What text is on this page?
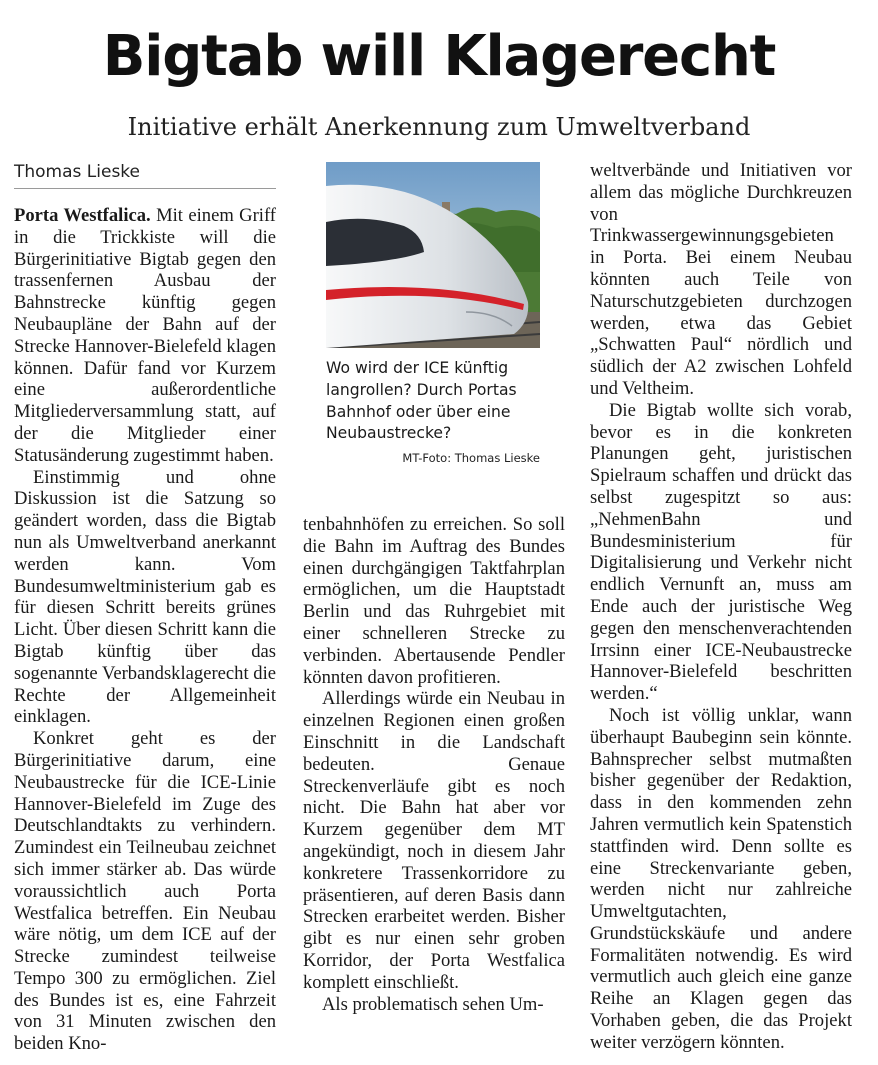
Bigtab will Klagerecht
Initiative erhält Anerkennung zum Umweltverband
Thomas Lieske

Porta Westfalica. Mit einem Griff in die Trickkiste will die Bürgerinitiative Bigtab gegen den trassenfernen Ausbau der Bahnstrecke künftig gegen Neubaupläne der Bahn auf der Strecke Hannover-Bielefeld klagen können. Dafür fand vor Kurzem eine außerordentliche Mitgliederversammlung statt, auf der die Mitglieder einer Statusänderung zugestimmt haben.

Einstimmig und ohne Diskussion ist die Satzung so geändert worden, dass die Bigtab nun als Umweltverband anerkannt werden kann. Vom Bundesumweltministerium gab es für diesen Schritt bereits grünes Licht. Über diesen Schritt kann die Bigtab künftig über das sogenannte Verbandsklagerecht die Rechte der Allgemeinheit einklagen.

Konkret geht es der Bürgerinitiative darum, eine Neubaustrecke für die ICE-Linie Hannover-Bielefeld im Zuge des Deutschlandtakts zu verhindern. Zumindest ein Teilneubau zeichnet sich immer stärker ab. Das würde voraussichtlich auch Porta Westfalica betreffen. Ein Neubau wäre nötig, um dem ICE auf der Strecke zumindest teilweise Tempo 300 zu ermöglichen. Ziel des Bundes ist es, eine Fahrzeit von 31 Minuten zwischen den beiden Kno-

Wo wird der ICE künftig langrollen? Durch Portas Bahnhof oder über eine Neubaustrecke?
MT-Foto: Thomas Lieske

tenbahnhöfen zu erreichen. So soll die Bahn im Auftrag des Bundes einen durchgängigen Taktfahrplan ermöglichen, um die Hauptstadt Berlin und das Ruhrgebiet mit einer schnelleren Strecke zu verbinden. Abertausende Pendler könnten davon profitieren.

Allerdings würde ein Neubau in einzelnen Regionen einen großen Einschnitt in die Landschaft bedeuten. Genaue Streckenverläufe gibt es noch nicht. Die Bahn hat aber vor Kurzem gegenüber dem MT angekündigt, noch in diesem Jahr konkretere Trassenkorridore zu präsentieren, auf deren Basis dann Strecken erarbeitet werden. Bisher gibt es nur einen sehr groben Korridor, der Porta Westfalica komplett einschließt.

Als problematisch sehen Um-

weltverbände und Initiativen vor allem das mögliche Durchkreuzen von Trinkwassergewinnungsgebieten in Porta. Bei einem Neubau könnten auch Teile von Naturschutzgebieten durchzogen werden, etwa das Gebiet „Schwatten Paul“ nördlich und südlich der A2 zwischen Lohfeld und Veltheim.

Die Bigtab wollte sich vorab, bevor es in die konkreten Planungen geht, juristischen Spielraum schaffen und drückt das selbst zugespitzt so aus: „NehmenBahn und Bundesministerium für Digitalisierung und Verkehr nicht endlich Vernunft an, muss am Ende auch der juristische Weg gegen den menschenverachtenden Irrsinn einer ICE-Neubaustrecke Hannover-Bielefeld beschritten werden.“

Noch ist völlig unklar, wann überhaupt Baubeginn sein könnte. Bahnsprecher selbst mutmaßten bisher gegenüber der Redaktion, dass in den kommenden zehn Jahren vermutlich kein Spatenstich stattfinden wird. Denn sollte es eine Streckenvariante geben, werden nicht nur zahlreiche Umweltgutachten, Grundstückskäufe und andere Formalitäten notwendig. Es wird vermutlich auch gleich eine ganze Reihe an Klagen gegen das Vorhaben geben, die das Projekt weiter verzögern könnten.
